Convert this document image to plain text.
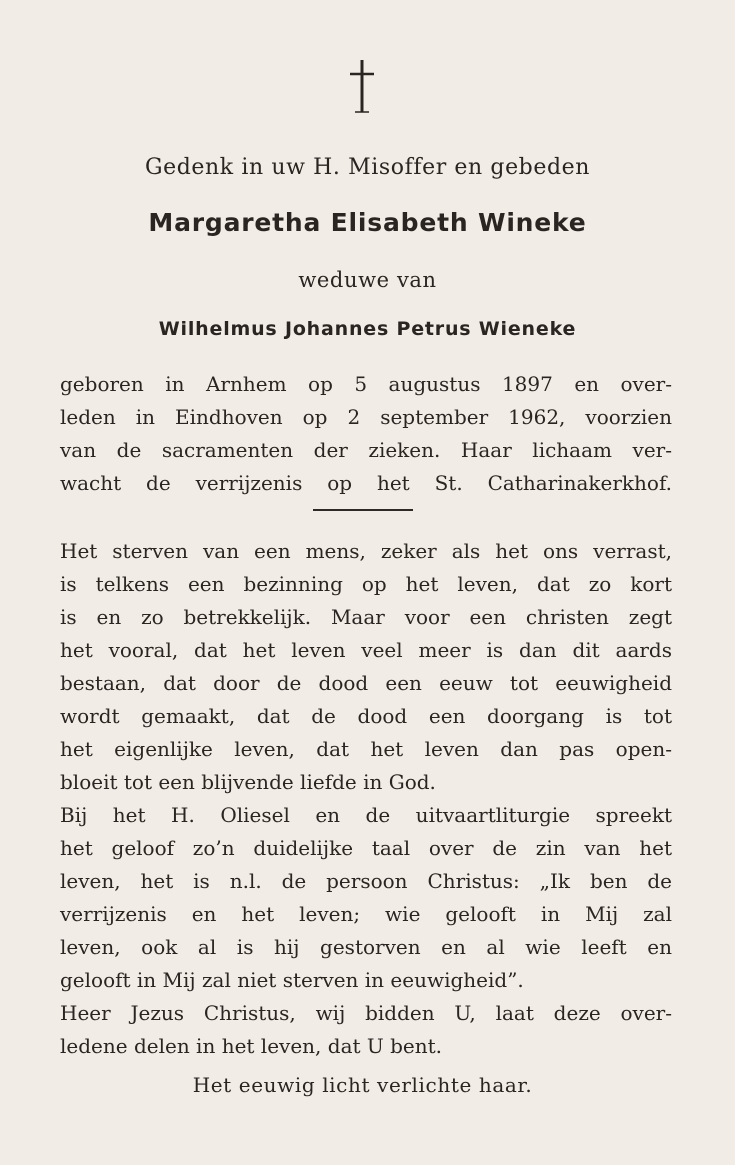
Gedenk in uw H. Misoffer en gebeden
Margaretha Elisabeth Wineke
weduwe van
Wilhelmus Johannes Petrus Wieneke
geboren in Arnhem op 5 augustus 1897 en over-
leden in Eindhoven op 2 september 1962, voorzien
van de sacramenten der zieken. Haar lichaam ver-
wacht de verrijzenis op het St. Catharinakerkhof.
Het sterven van een mens, zeker als het ons verrast,
is telkens een bezinning op het leven, dat zo kort
is en zo betrekkelijk. Maar voor een christen zegt
het vooral, dat het leven veel meer is dan dit aards
bestaan, dat door de dood een eeuw tot eeuwigheid
wordt gemaakt, dat de dood een doorgang is tot
het eigenlijke leven, dat het leven dan pas open-
bloeit tot een blijvende liefde in God.
Bij het H. Oliesel en de uitvaartliturgie spreekt
het geloof zo’n duidelijke taal over de zin van het
leven, het is n.l. de persoon Christus: „Ik ben de
verrijzenis en het leven; wie gelooft in Mij zal
leven, ook al is hij gestorven en al wie leeft en
gelooft in Mij zal niet sterven in eeuwigheid”.
Heer Jezus Christus, wij bidden U, laat deze over-
ledene delen in het leven, dat U bent.
Het eeuwig licht verlichte haar.
